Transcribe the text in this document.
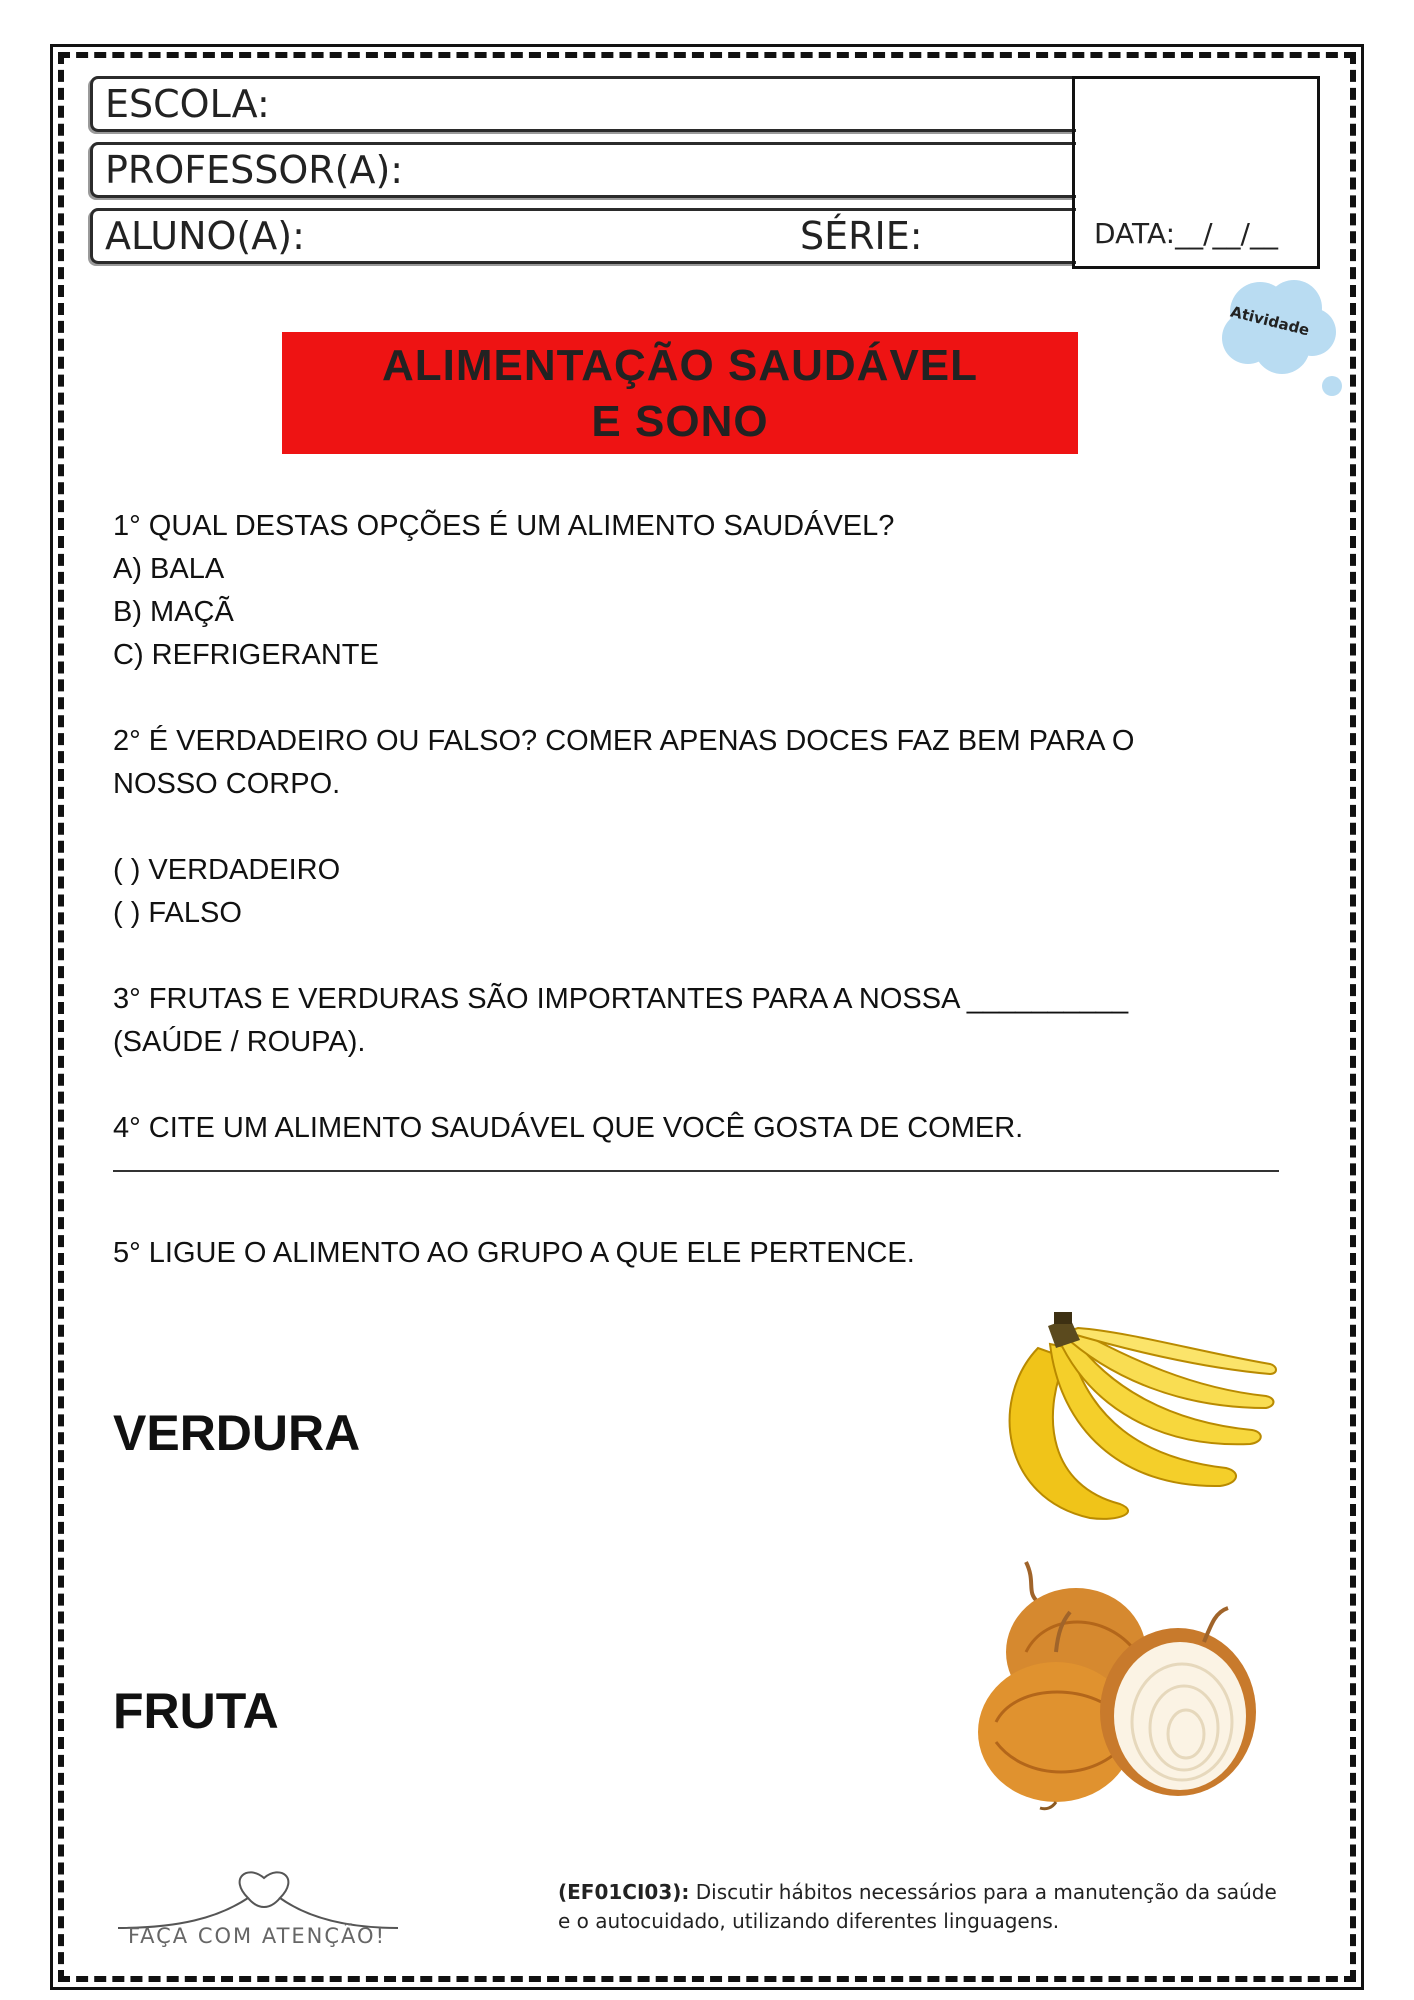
ESCOLA:
PROFESSOR(A):
ALUNO(A):	SÉRIE:	DATA:__/__/__
Atividade
ALIMENTAÇÃO SAUDÁVEL
E SONO

1° QUAL DESTAS OPÇÕES É UM ALIMENTO SAUDÁVEL?

A) BALA

B) MAÇÃ

C) REFRIGERANTE

2° É VERDADEIRO OU FALSO? COMER APENAS DOCES FAZ BEM PARA O

NOSSO CORPO.

( ) VERDADEIRO

( ) FALSO

3° FRUTAS E VERDURAS SÃO IMPORTANTES PARA A NOSSA __________

(SAÚDE / ROUPA).

4° CITE UM ALIMENTO SAUDÁVEL QUE VOCÊ GOSTA DE COMER.

5° LIGUE O ALIMENTO AO GRUPO A QUE ELE PERTENCE.
VERDURA
FRUTA
FAÇA COM ATENÇÃO!
(EF01CI03): Discutir hábitos necessários para a manutenção da saúde e o autocuidado, utilizando diferentes linguagens.
